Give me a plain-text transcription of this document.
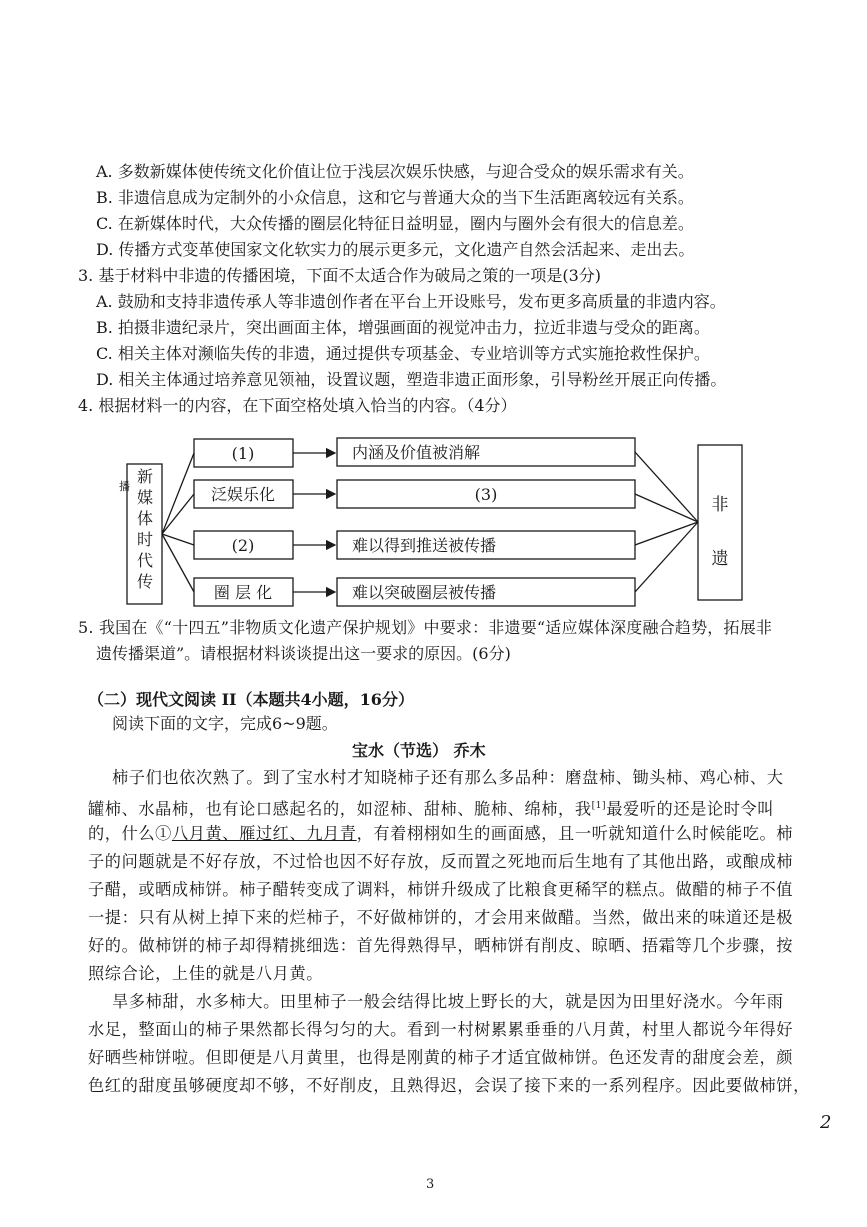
A. 多数新媒体使传统文化价值让位于浅层次娱乐快感，与迎合受众的娱乐需求有关。
B. 非遗信息成为定制外的小众信息，这和它与普通大众的当下生活距离较远有关系。
C. 在新媒体时代，大众传播的圈层化特征日益明显，圈内与圈外会有很大的信息差。
D. 传播方式变革使国家文化软实力的展示更多元，文化遗产自然会活起来、走出去。
3. 基于材料中非遗的传播困境，下面不太适合作为破局之策的一项是(3分)
A. 鼓励和支持非遗传承人等非遗创作者在平台上开设账号，发布更多高质量的非遗内容。
B. 拍摄非遗纪录片，突出画面主体，增强画面的视觉冲击力，拉近非遗与受众的距离。
C. 相关主体对濒临失传的非遗，通过提供专项基金、专业培训等方式实施抢救性保护。
D. 相关主体通过培养意见领袖，设置议题，塑造非遗正面形象，引导粉丝开展正向传播。
4. 根据材料一的内容，在下面空格处填入恰当的内容。（4分）
播
新
媒
体
时
代
传
(1)
泛娱乐化
(2)
圈 层 化
内涵及价值被消解
(3)
难以得到推送被传播
难以突破圈层被传播
非
遗
5. 我国在《“十四五”非物质文化遗产保护规划》中要求：非遗要“适应媒体深度融合趋势，拓展非
遗传播渠道”。请根据材料谈谈提出这一要求的原因。(6分)
（二）现代文阅读 II（本题共4小题，16分）
阅读下面的文字，完成6~9题。
宝水（节选） 乔木
柿子们也依次熟了。到了宝水村才知晓柿子还有那么多品种：磨盘柿、锄头柿、鸡心柿、大
罐柿、水晶柿，也有论口感起名的，如涩柿、甜柿、脆柿、绵柿，我[1]最爱听的还是论时令叫
的，什么①八月黄、雁过红、九月青，有着栩栩如生的画面感，且一听就知道什么时候能吃。柿
子的问题就是不好存放，不过恰也因不好存放，反而置之死地而后生地有了其他出路，或酿成柿
子醋，或晒成柿饼。柿子醋转变成了调料，柿饼升级成了比粮食更稀罕的糕点。做醋的柿子不值
一提：只有从树上掉下来的烂柿子，不好做柿饼的，才会用来做醋。当然，做出来的味道还是极
好的。做柿饼的柿子却得精挑细选：首先得熟得早，晒柿饼有削皮、晾晒、捂霜等几个步骤，按
照综合论，上佳的就是八月黄。
旱多柿甜，水多柿大。田里柿子一般会结得比坡上野长的大，就是因为田里好浇水。今年雨
水足，整面山的柿子果然都长得匀匀的大。看到一村树累累垂垂的八月黄，村里人都说今年得好
好晒些柿饼啦。但即便是八月黄里，也得是刚黄的柿子才适宜做柿饼。色还发青的甜度会差，颜
色红的甜度虽够硬度却不够，不好削皮，且熟得迟，会误了接下来的一系列程序。因此要做柿饼，
2
3
